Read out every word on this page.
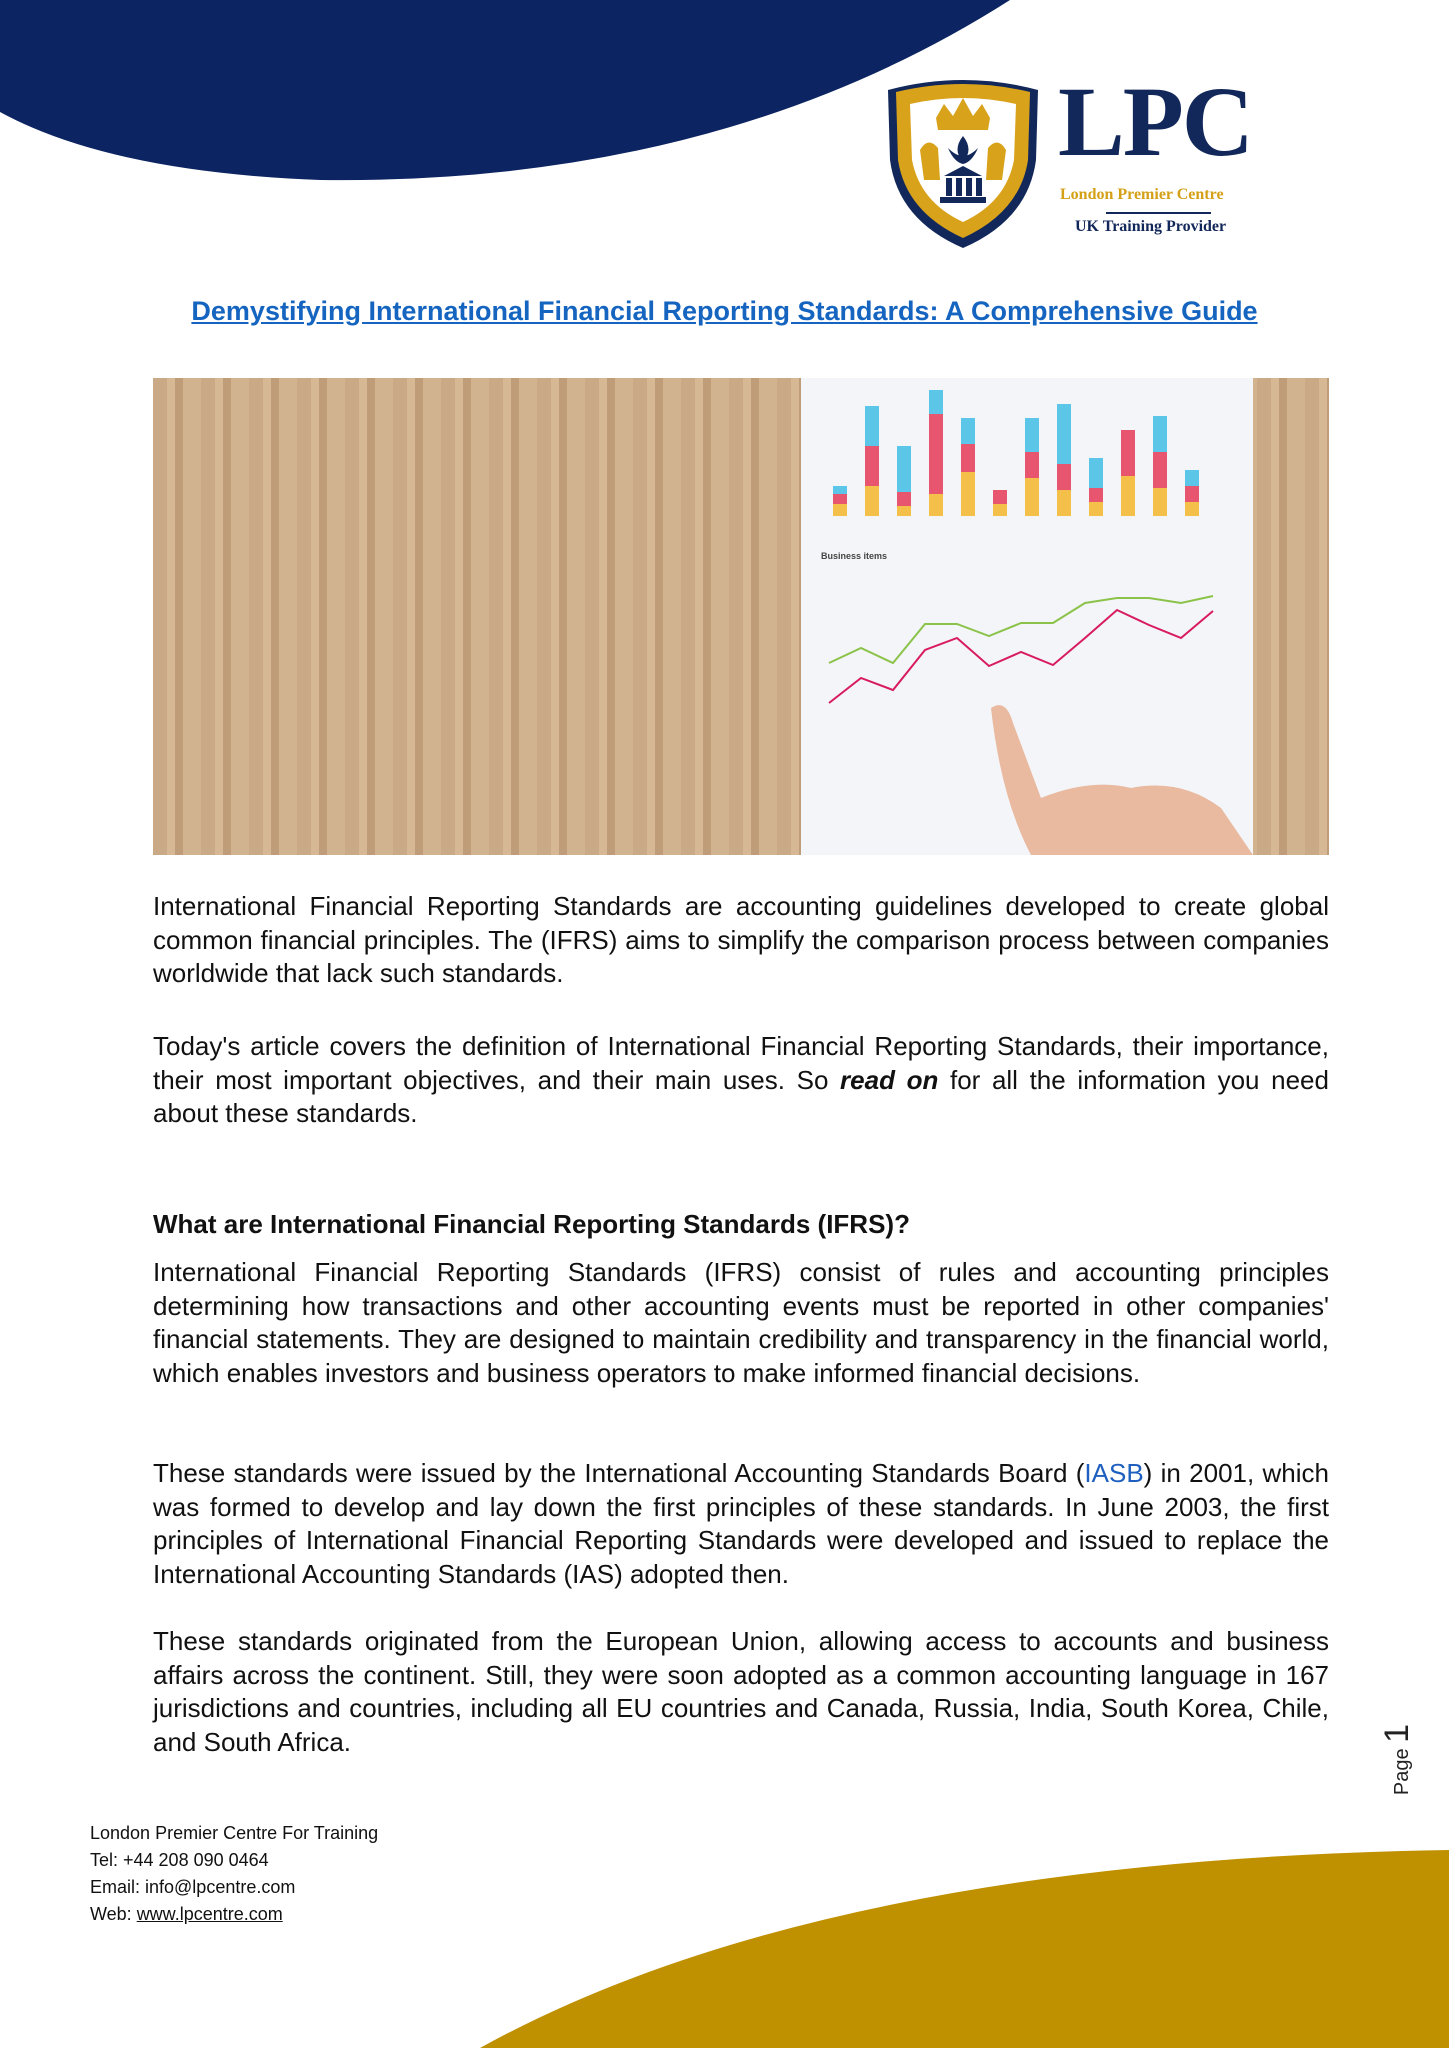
LPC
London Premier Centre
UK Training Provider
Demystifying International Financial Reporting Standards: A Comprehensive Guide
Business items

International Financial Reporting Standards are accounting guidelines developed to create global common financial principles. The (IFRS) aims to simplify the comparison process between companies worldwide that lack such standards.

Today's article covers the definition of International Financial Reporting Standards, their importance, their most important objectives, and their main uses. So read on for all the information you need about these standards.

What are International Financial Reporting Standards (IFRS)?

International Financial Reporting Standards (IFRS) consist of rules and accounting principles determining how transactions and other accounting events must be reported in other companies' financial statements. They are designed to maintain credibility and transparency in the financial world, which enables investors and business operators to make informed financial decisions.

These standards were issued by the International Accounting Standards Board (IASB) in 2001, which was formed to develop and lay down the first principles of these standards. In June 2003, the first principles of International Financial Reporting Standards were developed and issued to replace the International Accounting Standards (IAS) adopted then.

These standards originated from the European Union, allowing access to accounts and business affairs across the continent. Still, they were soon adopted as a common accounting language in 167 jurisdictions and countries, including all EU countries and Canada, Russia, India, South Korea, Chile, and South Africa.

Page 1
London Premier Centre For Training
Tel: +44 208 090 0464
Email: info@lpcentre.com
Web: www.lpcentre.com
